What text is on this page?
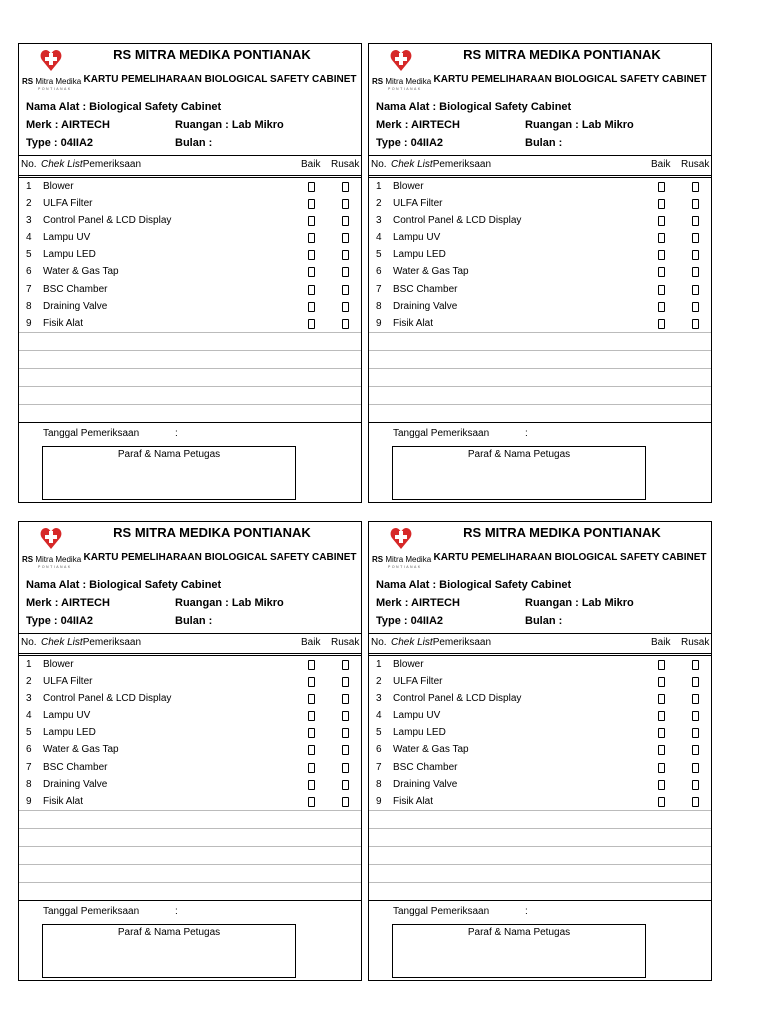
RS Mitra Medika
PONTIANAK
RS MITRA MEDIKA PONTIANAK
KARTU PEMELIHARAAN BIOLOGICAL SAFETY CABINET
Nama Alat : Biological Safety Cabinet
Merk : AIRTECH
Type : 04IIA2
Ruangan : Lab Mikro
Bulan :
No. Chek List Pemeriksaan	Baik Rusak
1 Blower
2 ULFA Filter
3 Control Panel & LCD Display
4 Lampu UV
5 Lampu LED
6 Water & Gas Tap
7 BSC Chamber
8 Draining Valve
9 Fisik Alat
Tanggal Pemeriksaan	:
Paraf & Nama Petugas
RS Mitra Medika
PONTIANAK
RS MITRA MEDIKA PONTIANAK
KARTU PEMELIHARAAN BIOLOGICAL SAFETY CABINET
Nama Alat : Biological Safety Cabinet
Merk : AIRTECH
Type : 04IIA2
Ruangan : Lab Mikro
Bulan :
No. Chek List Pemeriksaan	Baik Rusak
1 Blower
2 ULFA Filter
3 Control Panel & LCD Display
4 Lampu UV
5 Lampu LED
6 Water & Gas Tap
7 BSC Chamber
8 Draining Valve
9 Fisik Alat
Tanggal Pemeriksaan	:
Paraf & Nama Petugas
RS Mitra Medika
PONTIANAK
RS MITRA MEDIKA PONTIANAK
KARTU PEMELIHARAAN BIOLOGICAL SAFETY CABINET
Nama Alat : Biological Safety Cabinet
Merk : AIRTECH
Type : 04IIA2
Ruangan : Lab Mikro
Bulan :
No. Chek List Pemeriksaan	Baik Rusak
1 Blower
2 ULFA Filter
3 Control Panel & LCD Display
4 Lampu UV
5 Lampu LED
6 Water & Gas Tap
7 BSC Chamber
8 Draining Valve
9 Fisik Alat
Tanggal Pemeriksaan	:
Paraf & Nama Petugas
RS Mitra Medika
PONTIANAK
RS MITRA MEDIKA PONTIANAK
KARTU PEMELIHARAAN BIOLOGICAL SAFETY CABINET
Nama Alat : Biological Safety Cabinet
Merk : AIRTECH
Type : 04IIA2
Ruangan : Lab Mikro
Bulan :
No. Chek List Pemeriksaan	Baik Rusak
1 Blower
2 ULFA Filter
3 Control Panel & LCD Display
4 Lampu UV
5 Lampu LED
6 Water & Gas Tap
7 BSC Chamber
8 Draining Valve
9 Fisik Alat
Tanggal Pemeriksaan	:
Paraf & Nama Petugas
